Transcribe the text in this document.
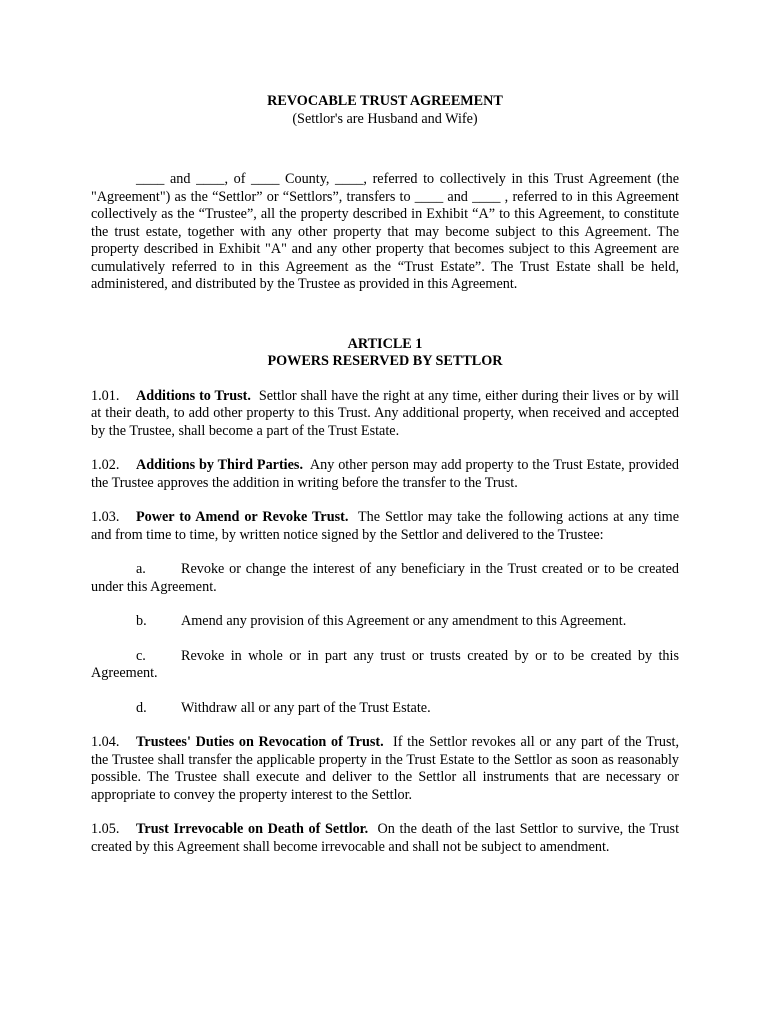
REVOCABLE TRUST AGREEMENT

(Settlor's are Husband and Wife)

____ and ____, of ____ County, ____, referred to collectively in this Trust Agreement (the "Agreement") as the “Settlor” or “Settlors”, transfers to ____ and ____ , referred to in this Agreement collectively as the “Trustee”, all the property described in Exhibit “A” to this Agreement, to constitute the trust estate, together with any other property that may become subject to this Agreement. The property described in Exhibit "A" and any other property that becomes subject to this Agreement are cumulatively referred to in this Agreement as the “Trust Estate”. The Trust Estate shall be held, administered, and distributed by the Trustee as provided in this Agreement.

ARTICLE 1

POWERS RESERVED BY SETTLOR

1.01. Additions to Trust. Settlor shall have the right at any time, either during their lives or by will at their death, to add other property to this Trust. Any additional property, when received and accepted by the Trustee, shall become a part of the Trust Estate.

1.02. Additions by Third Parties. Any other person may add property to the Trust Estate, provided the Trustee approves the addition in writing before the transfer to the Trust.

1.03. Power to Amend or Revoke Trust. The Settlor may take the following actions at any time and from time to time, by written notice signed by the Settlor and delivered to the Trustee:

a. Revoke or change the interest of any beneficiary in the Trust created or to be created under this Agreement.

b. Amend any provision of this Agreement or any amendment to this Agreement.

c. Revoke in whole or in part any trust or trusts created by or to be created by this Agreement.

d. Withdraw all or any part of the Trust Estate.

1.04. Trustees' Duties on Revocation of Trust. If the Settlor revokes all or any part of the Trust, the Trustee shall transfer the applicable property in the Trust Estate to the Settlor as soon as reasonably possible. The Trustee shall execute and deliver to the Settlor all instruments that are necessary or appropriate to convey the property interest to the Settlor.

1.05. Trust Irrevocable on Death of Settlor. On the death of the last Settlor to survive, the Trust created by this Agreement shall become irrevocable and shall not be subject to amendment.
